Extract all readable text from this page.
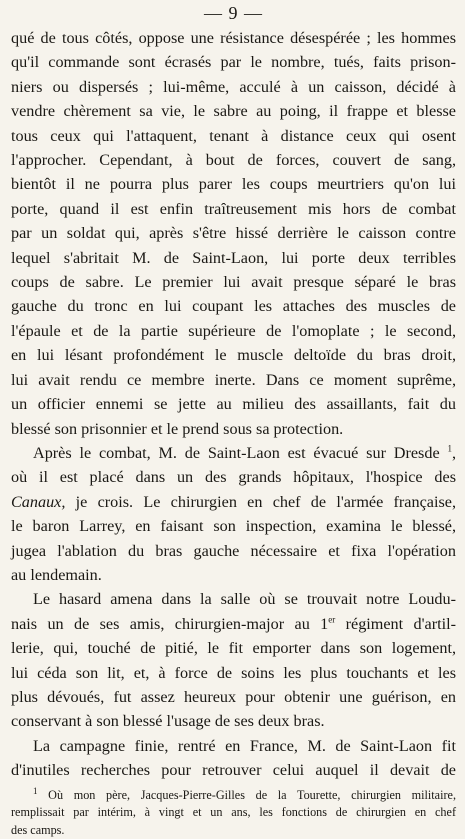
— 9 —

qué de tous côtés, oppose une résistance désespérée ; les hommes
qu'il commande sont écrasés par le nombre, tués, faits prison-
niers ou dispersés ; lui-même, acculé à un caisson, décidé à
vendre chèrement sa vie, le sabre au poing, il frappe et blesse
tous ceux qui l'attaquent, tenant à distance ceux qui osent
l'approcher. Cependant, à bout de forces, couvert de sang,
bientôt il ne pourra plus parer les coups meurtriers qu'on lui
porte, quand il est enfin traîtreusement mis hors de combat
par un soldat qui, après s'être hissé derrière le caisson contre
lequel s'abritait M. de Saint-Laon, lui porte deux terribles
coups de sabre. Le premier lui avait presque séparé le bras
gauche du tronc en lui coupant les attaches des muscles de
l'épaule et de la partie supérieure de l'omoplate ; le second,
en lui lésant profondément le muscle deltoïde du bras droit,
lui avait rendu ce membre inerte. Dans ce moment suprême,
un officier ennemi se jette au milieu des assaillants, fait du
blessé son prisonnier et le prend sous sa protection.

Après le combat, M. de Saint-Laon est évacué sur Dresde $^1$,
où il est placé dans un des grands hôpitaux, l'hospice des
Canaux, je crois. Le chirurgien en chef de l'armée française,
le baron Larrey, en faisant son inspection, examina le blessé,
jugea l'ablation du bras gauche nécessaire et fixa l'opération
au lendemain.

Le hasard amena dans la salle où se trouvait notre Loudu-
nais un de ses amis, chirurgien-major au 1er régiment d'artil-
lerie, qui, touché de pitié, le fit emporter dans son logement,
lui céda son lit, et, à force de soins les plus touchants et les
plus dévoués, fut assez heureux pour obtenir une guérison, en
conservant à son blessé l'usage de ses deux bras.

La campagne finie, rentré en France, M. de Saint-Laon fit
d'inutiles recherches pour retrouver celui auquel il devait de

$^1$ Où mon père, Jacques-Pierre-Gilles de la Tourette, chirurgien militaire,
remplissait par intérim, à vingt et un ans, les fonctions de chirurgien en chef
des camps.
